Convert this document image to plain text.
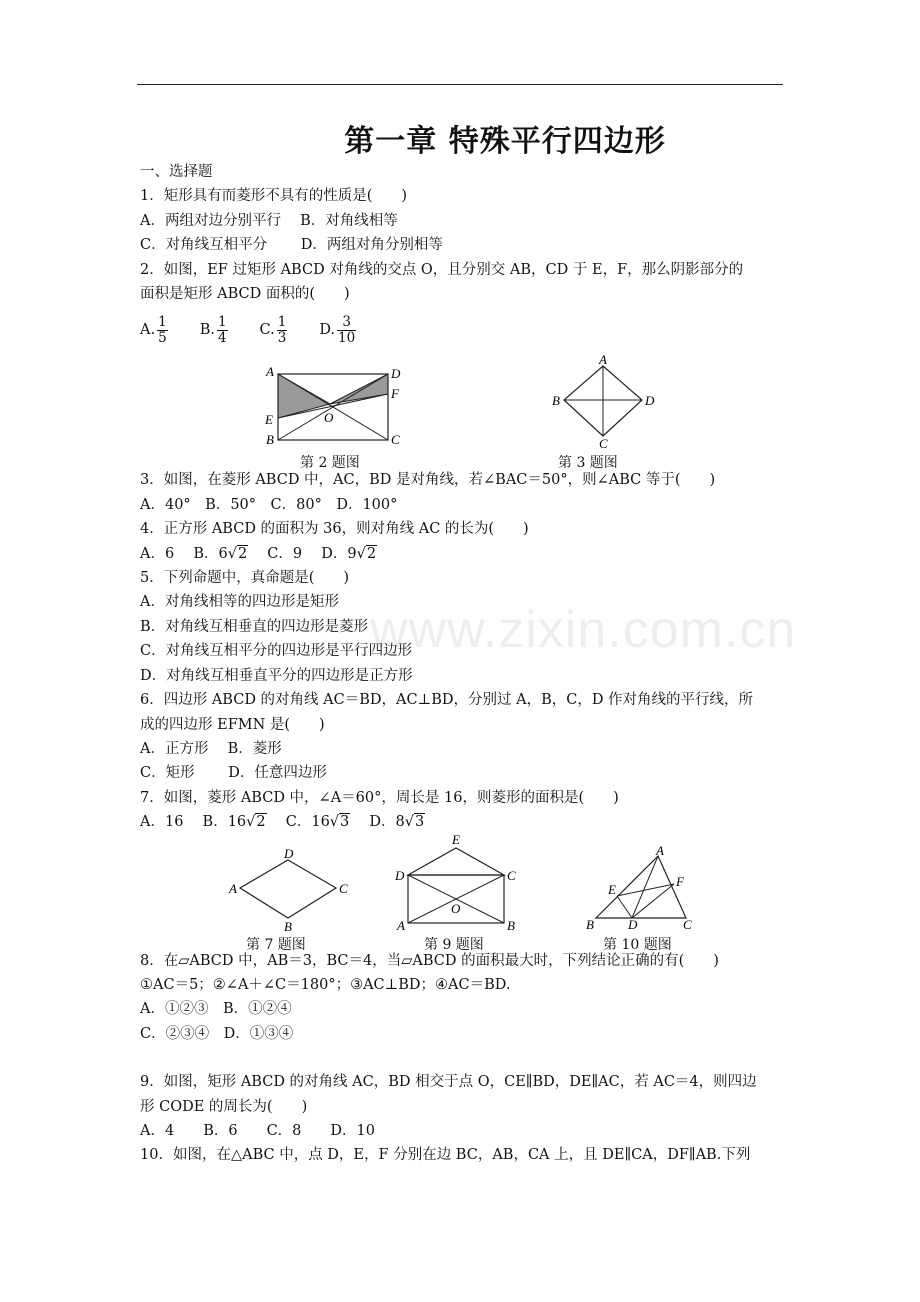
第一章 特殊平行四边形
www.zixin.com.cn
一、选择题
1．矩形具有而菱形不具有的性质是(　　)
A．两组对边分别平行　 B．对角线相等
C．对角线互相平分　　 D．两组对角分别相等
2．如图，EF 过矩形 ABCD 对角线的交点 O，且分别交 AB，CD 于 E，F，那么阴影部分的
面积是矩形 ABCD 面积的(　　)
A. $\frac{1}{5} B$. $\frac{1}{4} C$. $\frac{1}{3} D$. $\frac{3}{10}$
3．如图，在菱形 ABCD 中，AC，BD 是对角线，若∠BAC＝50°，则∠ABC 等于(　　)
A．40°　B．50°　C．80°　D．100°
4．正方形 ABCD 的面积为 36，则对角线 AC 的长为(　　)
A．6　 B．6√2　 C．9　 D．9√2
5．下列命题中，真命题是(　　)
A．对角线相等的四边形是矩形
B．对角线互相垂直的四边形是菱形
C．对角线互相平分的四边形是平行四边形
D．对角线互相垂直平分的四边形是正方形
6．四边形 ABCD 的对角线 AC＝BD，AC⊥BD，分别过 A，B，C，D 作对角线的平行线，所
成的四边形 EFMN 是(　　)
A．正方形　 B．菱形
C．矩形　　 D．任意四边形
7．如图，菱形 ABCD 中，∠A＝60°，周长是 16，则菱形的面积是(　　)
A．16　 B．16√2　 C．16√3　 D．8√3
8．在▱ABCD 中，AB＝3，BC＝4，当▱ABCD 的面积最大时，下列结论正确的有(　　)
①AC＝5；②∠A＋∠C＝180°；③AC⊥BD；④AC＝BD.
A．①②③　B．①②④
C．②③④　D．①③④
9．如图，矩形 ABCD 的对角线 AC，BD 相交于点 O，CE∥BD，DE∥AC，若 AC＝4，则四边
形 CODE 的周长为(　　)
A．4　　B．6　　C．8　　D．10
10．如图，在△ABC 中，点 D，E，F 分别在边 BC，AB，CA 上，且 DE∥CA，DF∥AB.下列
A
B	C
D
E
F
O
第 2 题图
A
B
C
D
第 3 题图
D
A	C
B
第 7 题图
E
D	C
A	B
O
第 9 题图
A
E
F
B	D	C
第 10 题图
